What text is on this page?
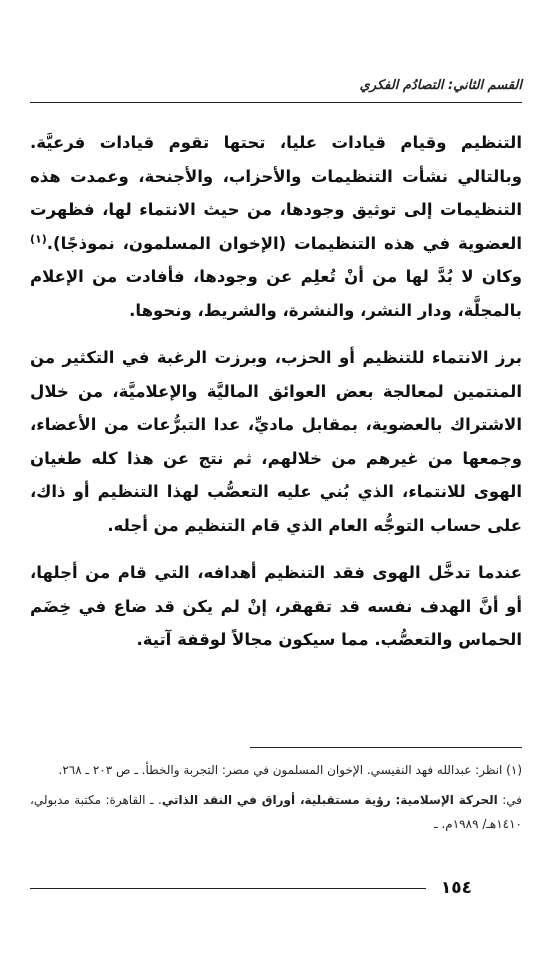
القسم الثاني: التصادُم الفكري

التنظيم وقيام قيادات عليا، تحتها تقوم قيادات فرعيَّة. وبالتالي نشأت التنظيمات والأحزاب، والأجنحة، وعمدت هذه التنظيمات إلى توثيق وجودها، من حيث الانتماء لها، فظهرت العضوية في هذه التنظيمات (الإخوان المسلمون، نموذجًا).$^{(١)}$ وكان لا بُدَّ لها من أنْ تُعلِم عن وجودها، فأفادت من الإعلام بالمجلَّة، ودار النشر، والنشرة، والشريط، ونحوها.

برز الانتماء للتنظيم أو الحزب، وبرزت الرغبة في التكثير من المنتمين لمعالجة بعض العوائق الماليَّة والإعلاميَّة، من خلال الاشتراك بالعضوية، بمقابل ماديِّ، عدا التبرُّعات من الأعضاء، وجمعها من غيرهم من خلالهم، ثم نتج عن هذا كله طغيان الهوى للانتماء، الذي بُني عليه التعصُّب لهذا التنظيم أو ذاك، على حساب التوجُّه العام الذي قام التنظيم من أجله.

عندما تدخَّل الهوى فقد التنظيم أهدافه، التي قام من أجلها، أو أنَّ الهدف نفسه قد تقهقر، إنْ لم يكن قد ضاع في خِضَم الحماس والتعصُّب. مما سيكون مجالاً لوقفة آتية.

(١) انظر: عبدالله فهد النفيسي. الإخوان المسلمون في مصر: التجربة والخطأ. ـ ص ٢٠٣ ـ ٢٦٨.

في: الحركة الإسلامية: رؤية مستقبلية، أوراق في النقد الذاتي. ـ القاهرة: مكتبة مدبولي، ١٤١٠هـ/ ١٩٨٩م. ـ

١٥٤
